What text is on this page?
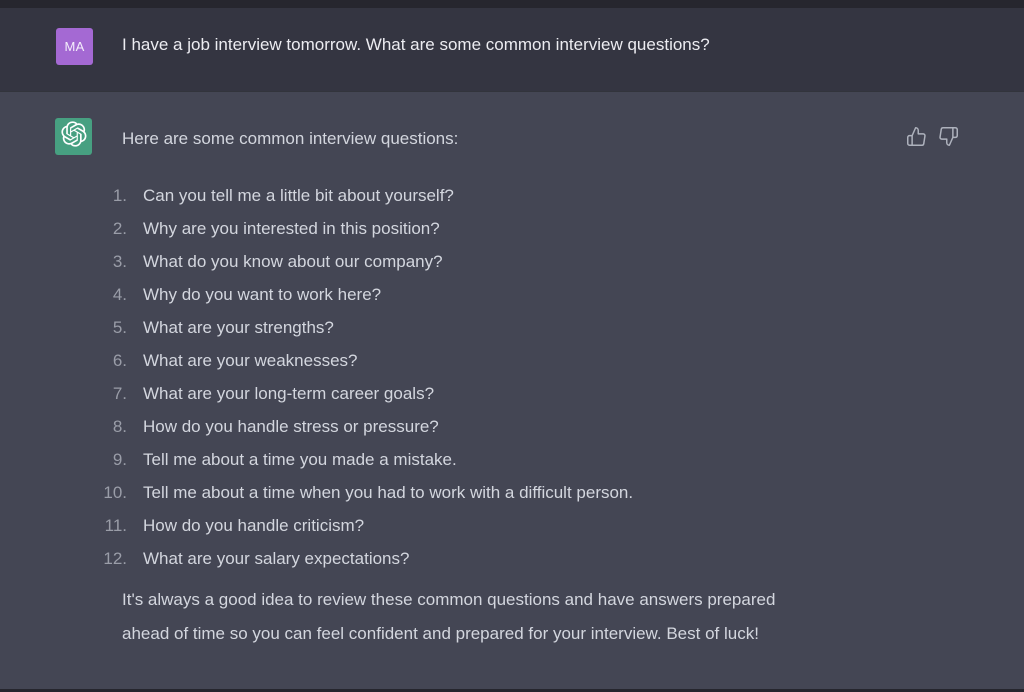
MA I have a job interview tomorrow. What are some common interview questions?
Here are some common interview questions:
1. Can you tell me a little bit about yourself?
2. Why are you interested in this position?
3. What do you know about our company?
4. Why do you want to work here?
5. What are your strengths?
6. What are your weaknesses?
7. What are your long-term career goals?
8. How do you handle stress or pressure?
9. Tell me about a time you made a mistake.
10. Tell me about a time when you had to work with a difficult person.
11. How do you handle criticism?
12. What are your salary expectations?
It's always a good idea to review these common questions and have answers prepared
ahead of time so you can feel confident and prepared for your interview. Best of luck!
